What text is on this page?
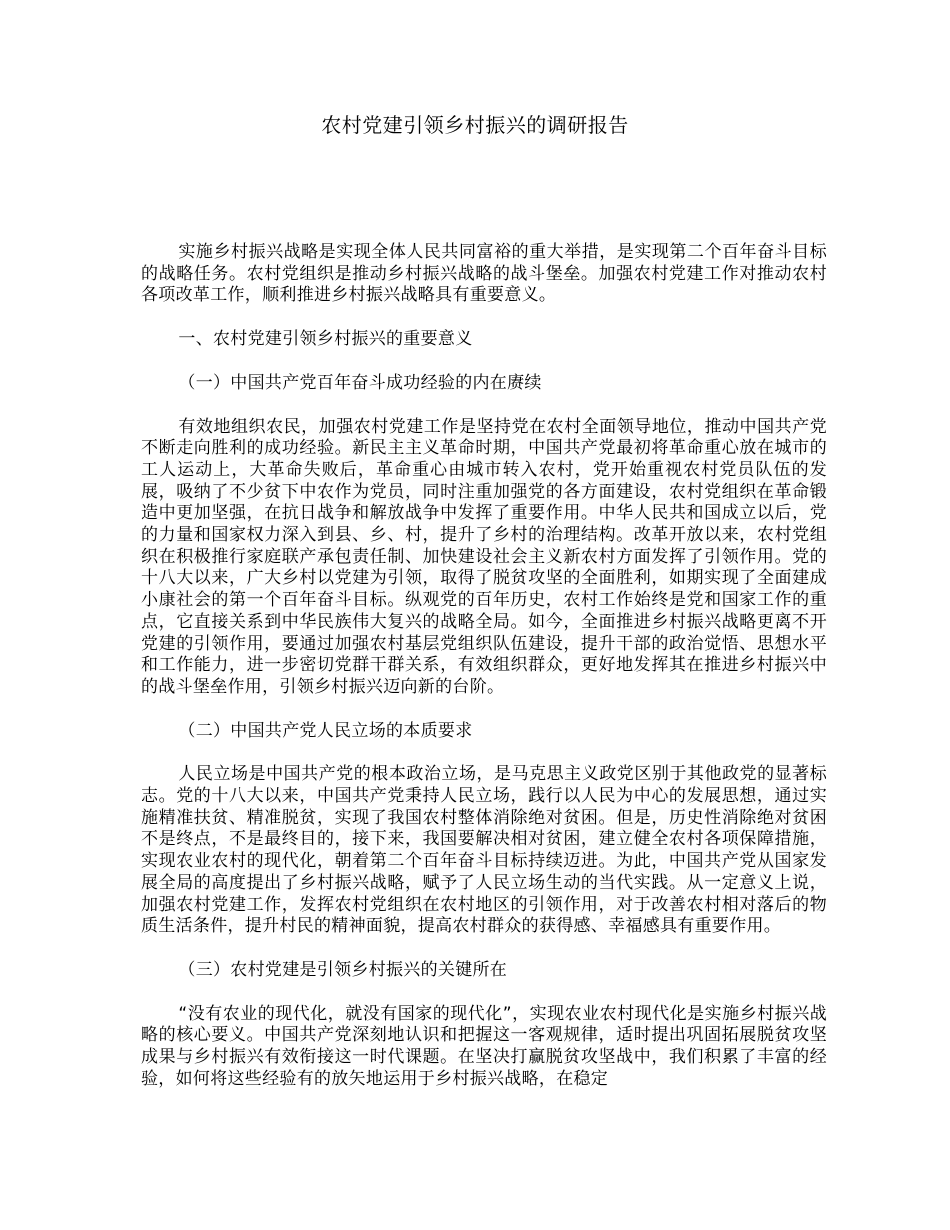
农村党建引领乡村振兴的调研报告

实施乡村振兴战略是实现全体人民共同富裕的重大举措，是实现第二个百年奋斗目标的战略任务。农村党组织是推动乡村振兴战略的战斗堡垒。加强农村党建工作对推动农村各项改革工作，顺利推进乡村振兴战略具有重要意义。

一、农村党建引领乡村振兴的重要意义

（一）中国共产党百年奋斗成功经验的内在赓续

有效地组织农民，加强农村党建工作是坚持党在农村全面领导地位，推动中国共产党不断走向胜利的成功经验。新民主主义革命时期，中国共产党最初将革命重心放在城市的工人运动上，大革命失败后，革命重心由城市转入农村，党开始重视农村党员队伍的发展，吸纳了不少贫下中农作为党员，同时注重加强党的各方面建设，农村党组织在革命锻造中更加坚强，在抗日战争和解放战争中发挥了重要作用。中华人民共和国成立以后，党的力量和国家权力深入到县、乡、村，提升了乡村的治理结构。改革开放以来，农村党组织在积极推行家庭联产承包责任制、加快建设社会主义新农村方面发挥了引领作用。党的十八大以来，广大乡村以党建为引领，取得了脱贫攻坚的全面胜利，如期实现了全面建成小康社会的第一个百年奋斗目标。纵观党的百年历史，农村工作始终是党和国家工作的重点，它直接关系到中华民族伟大复兴的战略全局。如今，全面推进乡村振兴战略更离不开党建的引领作用，要通过加强农村基层党组织队伍建设，提升干部的政治觉悟、思想水平和工作能力，进一步密切党群干群关系，有效组织群众，更好地发挥其在推进乡村振兴中的战斗堡垒作用，引领乡村振兴迈向新的台阶。

（二）中国共产党人民立场的本质要求

人民立场是中国共产党的根本政治立场，是马克思主义政党区别于其他政党的显著标志。党的十八大以来，中国共产党秉持人民立场，践行以人民为中心的发展思想，通过实施精准扶贫、精准脱贫，实现了我国农村整体消除绝对贫困。但是，历史性消除绝对贫困不是终点，不是最终目的，接下来，我国要解决相对贫困，建立健全农村各项保障措施，实现农业农村的现代化，朝着第二个百年奋斗目标持续迈进。为此，中国共产党从国家发展全局的高度提出了乡村振兴战略，赋予了人民立场生动的当代实践。从一定意义上说，加强农村党建工作，发挥农村党组织在农村地区的引领作用，对于改善农村相对落后的物质生活条件，提升村民的精神面貌，提高农村群众的获得感、幸福感具有重要作用。

（三）农村党建是引领乡村振兴的关键所在

“没有农业的现代化，就没有国家的现代化”，实现农业农村现代化是实施乡村振兴战略的核心要义。中国共产党深刻地认识和把握这一客观规律，适时提出巩固拓展脱贫攻坚成果与乡村振兴有效衔接这一时代课题。在坚决打赢脱贫攻坚战中，我们积累了丰富的经验，如何将这些经验有的放矢地运用于乡村振兴战略，在稳定
